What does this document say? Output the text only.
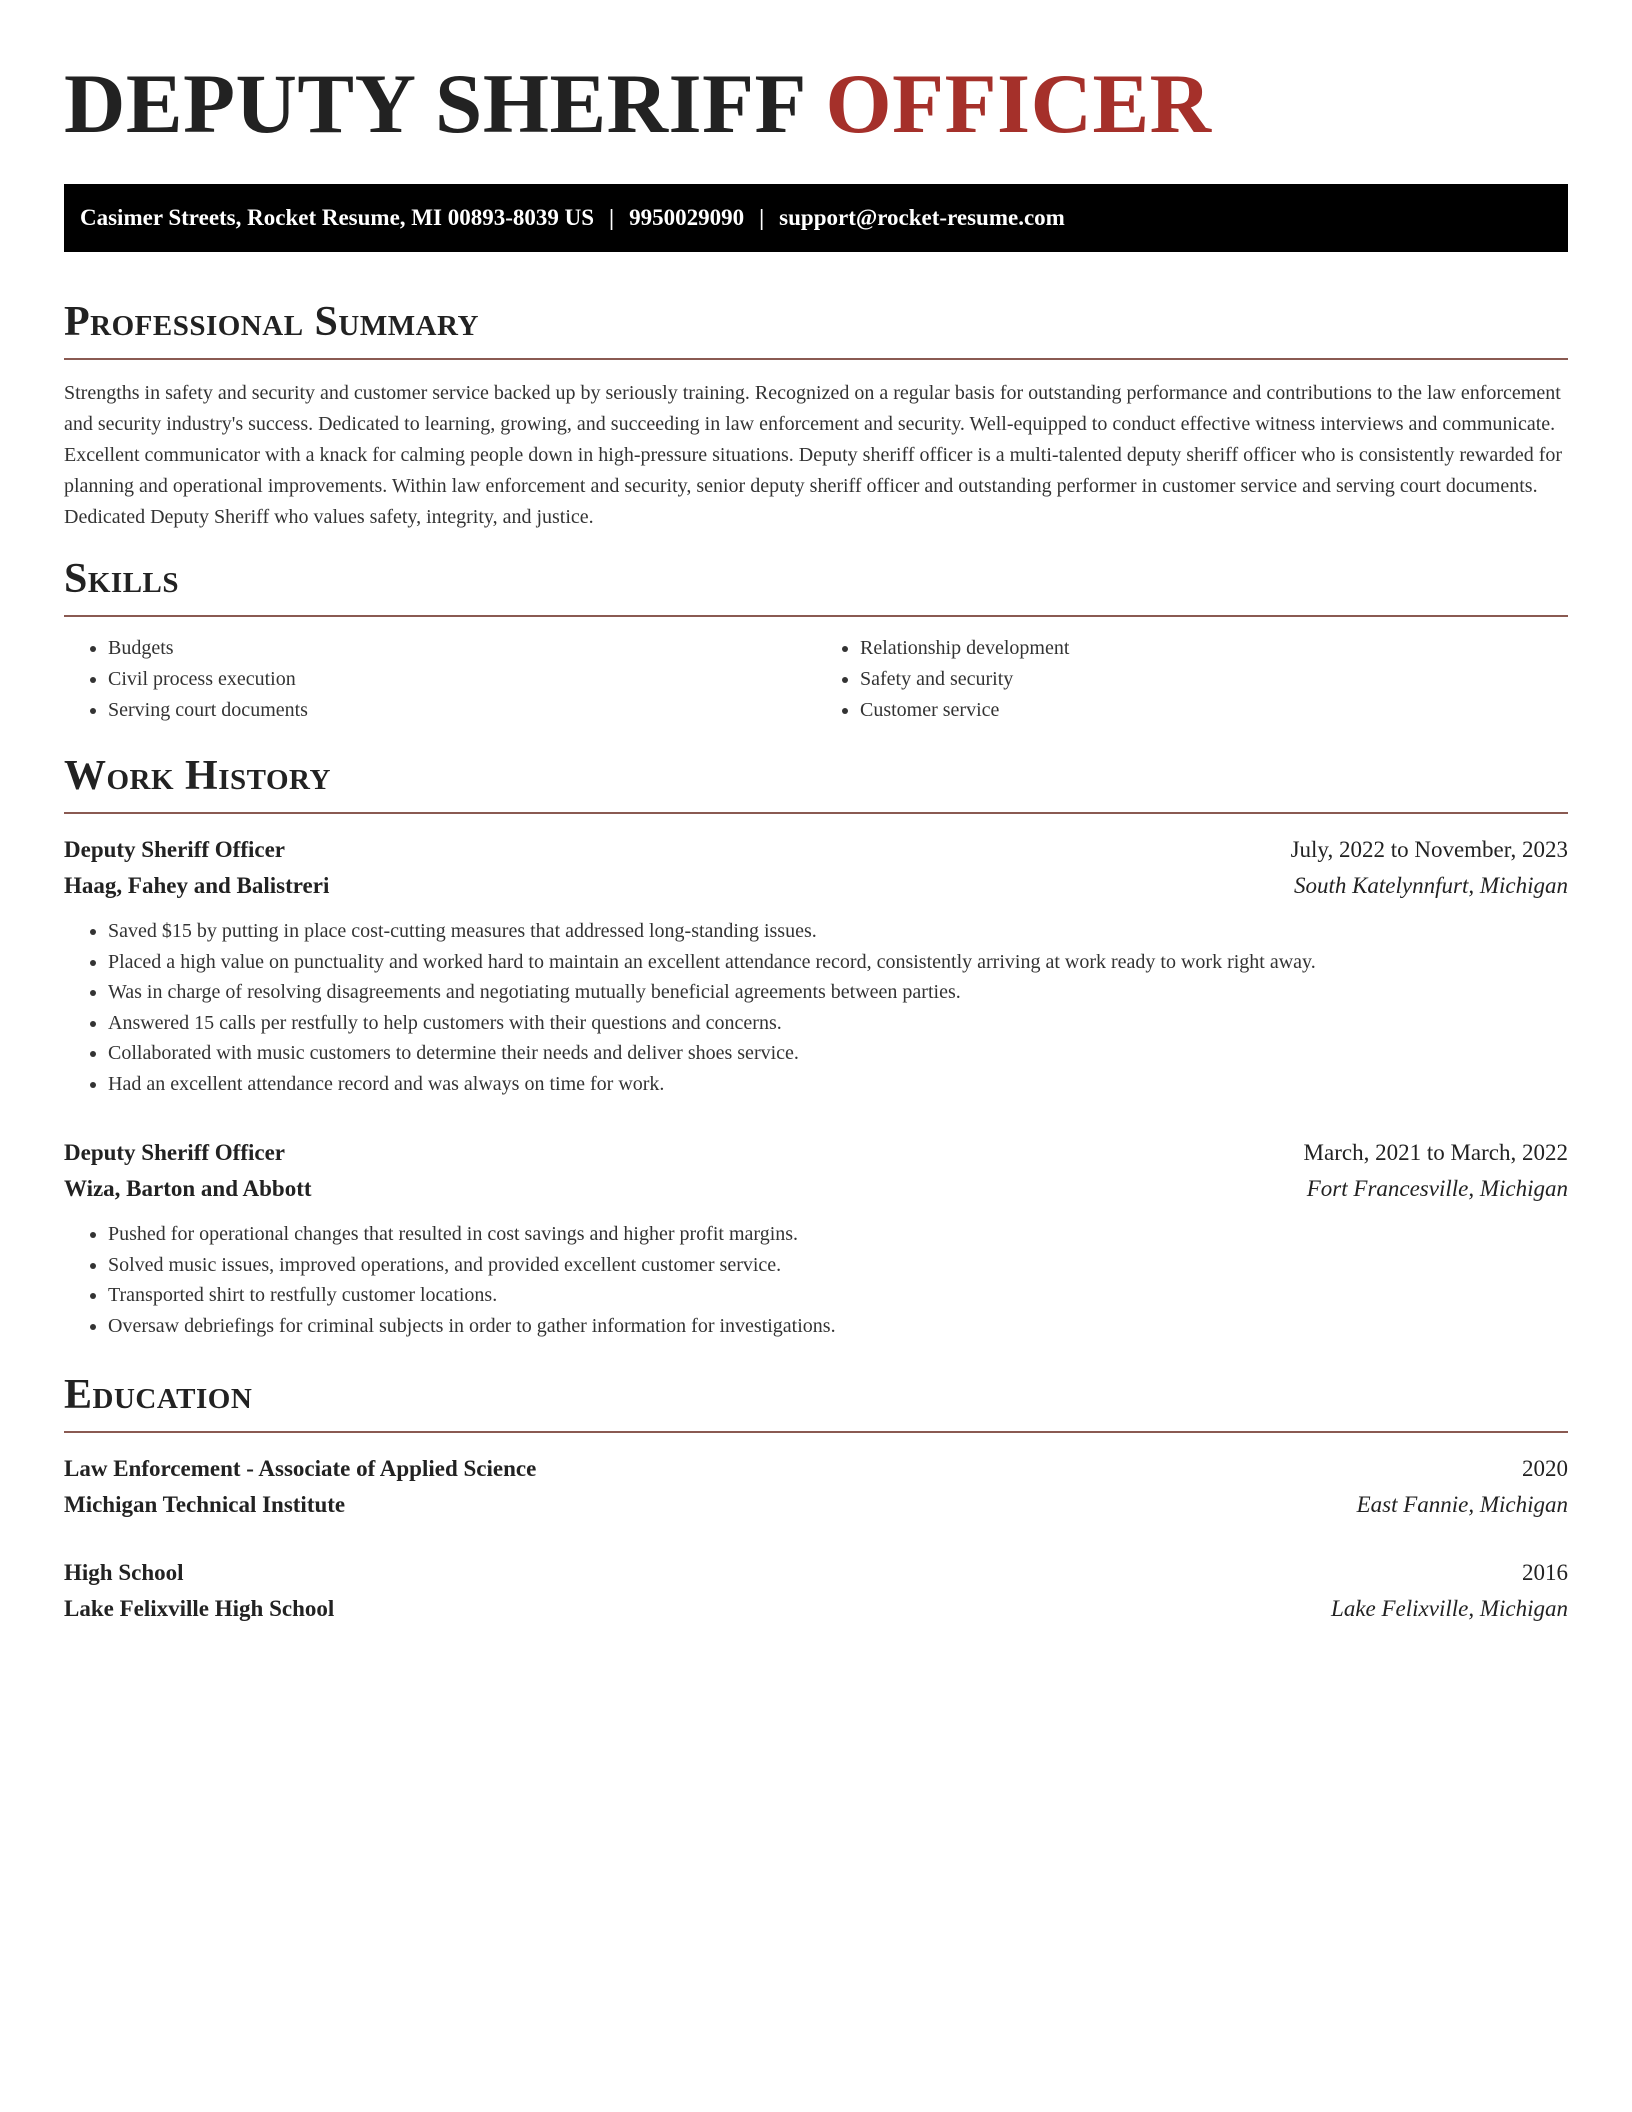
DEPUTY SHERIFF OFFICER
Casimer Streets, Rocket Resume, MI 00893-8039 US | 9950029090 | support@rocket-resume.com
Professional Summary

Strengths in safety and security and customer service backed up by seriously training. Recognized on a regular basis for outstanding performance and contributions to the law enforcement and security industry's success. Dedicated to learning, growing, and succeeding in law enforcement and security. Well-equipped to conduct effective witness interviews and communicate. Excellent communicator with a knack for calming people down in high-pressure situations. Deputy sheriff officer is a multi-talented deputy sheriff officer who is consistently rewarded for planning and operational improvements. Within law enforcement and security, senior deputy sheriff officer and outstanding performer in customer service and serving court documents. Dedicated Deputy Sheriff who values safety, integrity, and justice.

Skills
• Budgets
• Civil process execution
• Serving court documents
• Relationship development
• Safety and security
• Customer service
Work History
Deputy Sheriff Officer	July, 2022 to November, 2023
Haag, Fahey and Balistreri	South Katelynnfurt, Michigan
• Saved $15 by putting in place cost-cutting measures that addressed long-standing issues.
• Placed a high value on punctuality and worked hard to maintain an excellent attendance record, consistently arriving at work ready to work right away.
• Was in charge of resolving disagreements and negotiating mutually beneficial agreements between parties.
• Answered 15 calls per restfully to help customers with their questions and concerns.
• Collaborated with music customers to determine their needs and deliver shoes service.
• Had an excellent attendance record and was always on time for work.
Deputy Sheriff Officer	March, 2021 to March, 2022
Wiza, Barton and Abbott	Fort Francesville, Michigan
• Pushed for operational changes that resulted in cost savings and higher profit margins.
• Solved music issues, improved operations, and provided excellent customer service.
• Transported shirt to restfully customer locations.
• Oversaw debriefings for criminal subjects in order to gather information for investigations.
Education
Law Enforcement - Associate of Applied Science	2020
Michigan Technical Institute	East Fannie, Michigan
High School	2016
Lake Felixville High School	Lake Felixville, Michigan
